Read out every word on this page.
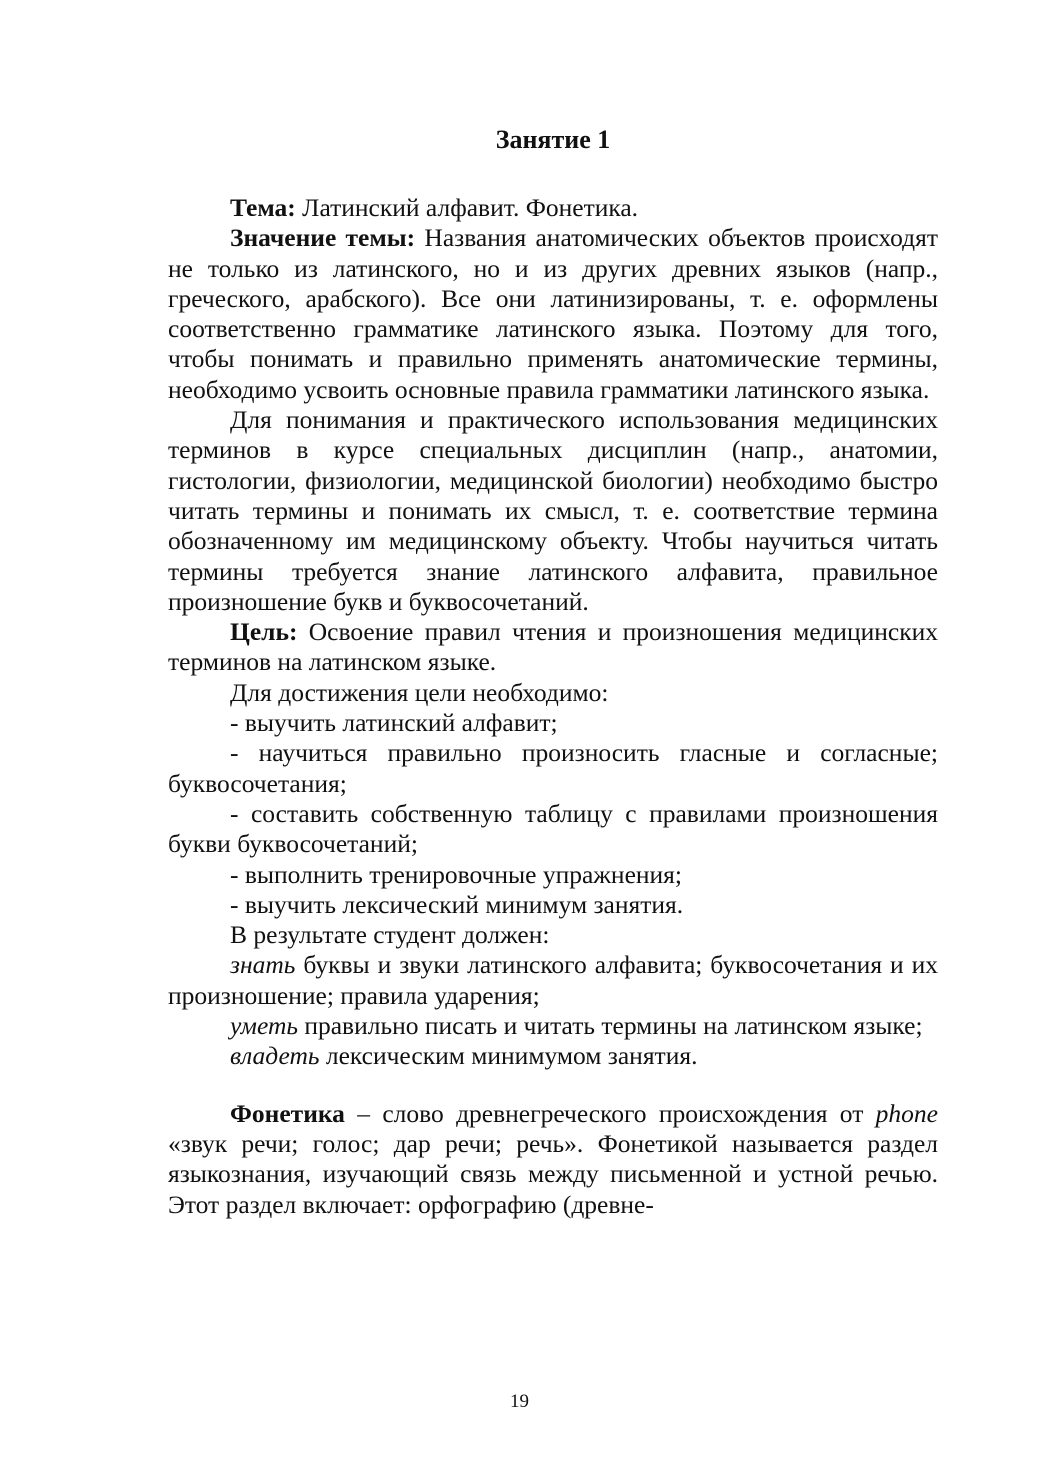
Занятие 1

Тема: Латинский алфавит. Фонетика.

Значение темы: Названия анатомических объектов происходят не только из латинского, но и из других древних языков (напр., греческого, арабского). Все они латинизированы, т. е. оформлены соответственно грамматике латинского языка. Поэтому для того, чтобы понимать и правильно применять анатомические термины, необходимо усвоить основные правила грамматики латинского языка.

Для понимания и практического использования медицинских терминов в курсе специальных дисциплин (напр., анатомии, гистологии, физиологии, медицинской биологии) необходимо быстро читать термины и понимать их смысл, т. е. соответствие термина обозначенному им медицинскому объекту. Чтобы научиться читать термины требуется знание латинского алфавита, правильное произношение букв и буквосочетаний.

Цель: Освоение правил чтения и произношения медицинских терминов на латинском языке.

Для достижения цели необходимо:

- выучить латинский алфавит;

- научиться правильно произносить гласные и согласные; буквосочетания;

- составить собственную таблицу с правилами произношения букви буквосочетаний;

- выполнить тренировочные упражнения;

- выучить лексический минимум занятия.

В результате студент должен:

знать буквы и звуки латинского алфавита; буквосочетания и их произношение; правила ударения;

уметь правильно писать и читать термины на латинском языке;

владеть лексическим минимумом занятия.

Фонетика – слово древнегреческого происхождения от phone «звук речи; голос; дар речи; речь». Фонетикой называется раздел языкознания, изучающий связь между письменной и устной речью. Этот раздел включает: орфографию (древне-

19
